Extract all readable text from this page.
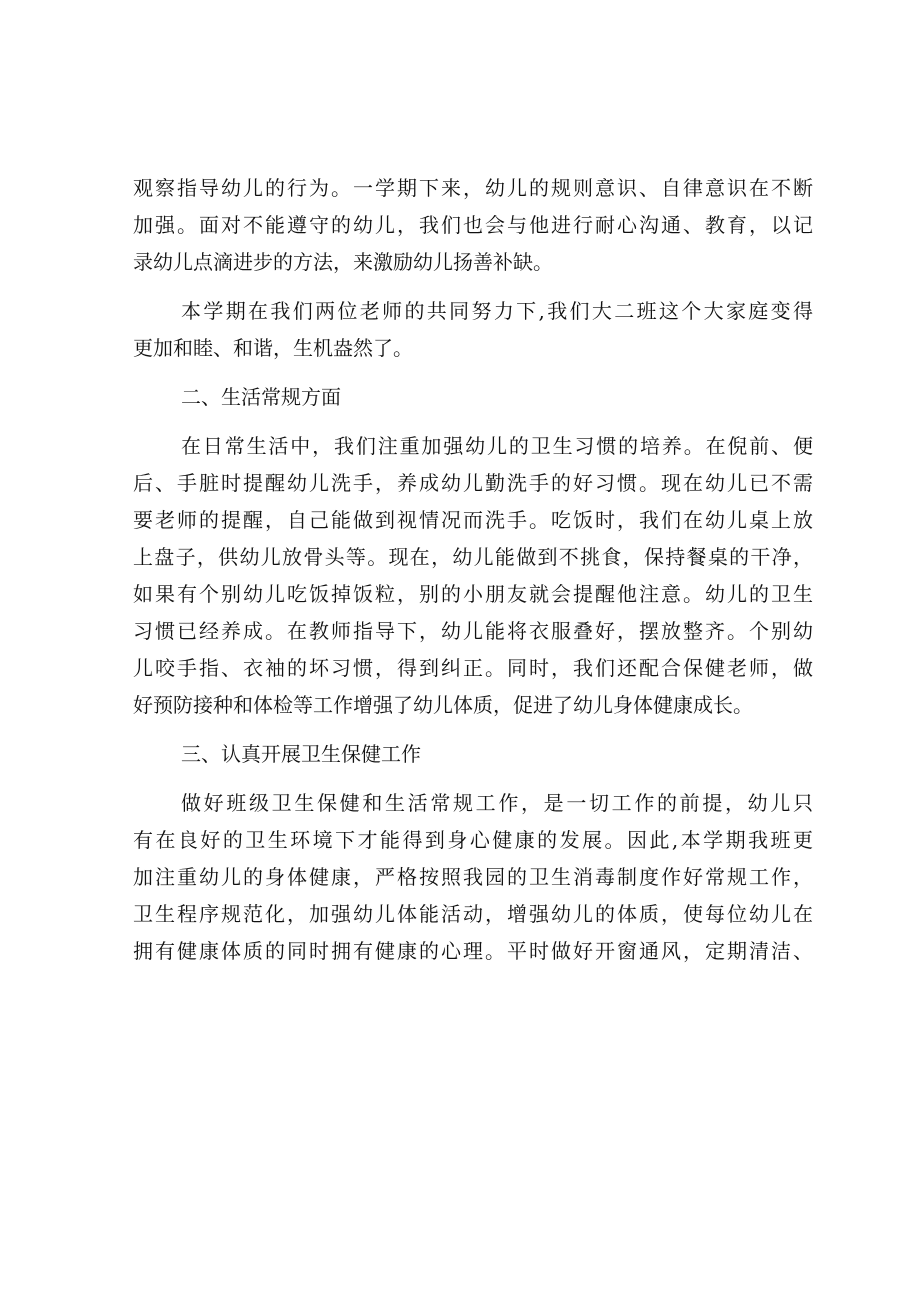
观察指导幼儿的行为。一学期下来，幼儿的规则意识、自律意识在不断
加强。面对不能遵守的幼儿，我们也会与他进行耐心沟通、教育，以记
录幼儿点滴进步的方法，来激励幼儿扬善补缺。
本学期在我们两位老师的共同努力下,我们大二班这个大家庭变得
更加和睦、和谐，生机盎然了。
二、生活常规方面
在日常生活中，我们注重加强幼儿的卫生习惯的培养。在倪前、便
后、手脏时提醒幼儿洗手，养成幼儿勤洗手的好习惯。现在幼儿已不需
要老师的提醒，自己能做到视情况而洗手。吃饭时，我们在幼儿桌上放
上盘子，供幼儿放骨头等。现在，幼儿能做到不挑食，保持餐桌的干净，
如果有个别幼儿吃饭掉饭粒，别的小朋友就会提醒他注意。幼儿的卫生
习惯已经养成。在教师指导下，幼儿能将衣服叠好，摆放整齐。个别幼
儿咬手指、衣袖的坏习惯，得到纠正。同时，我们还配合保健老师，做
好预防接种和体检等工作增强了幼儿体质，促进了幼儿身体健康成长。
三、认真开展卫生保健工作
做好班级卫生保健和生活常规工作，是一切工作的前提，幼儿只
有在良好的卫生环境下才能得到身心健康的发展。因此,本学期我班更
加注重幼儿的身体健康，严格按照我园的卫生消毒制度作好常规工作，
卫生程序规范化，加强幼儿体能活动，增强幼儿的体质，使每位幼儿在
拥有健康体质的同时拥有健康的心理。平时做好开窗通风，定期清洁、
